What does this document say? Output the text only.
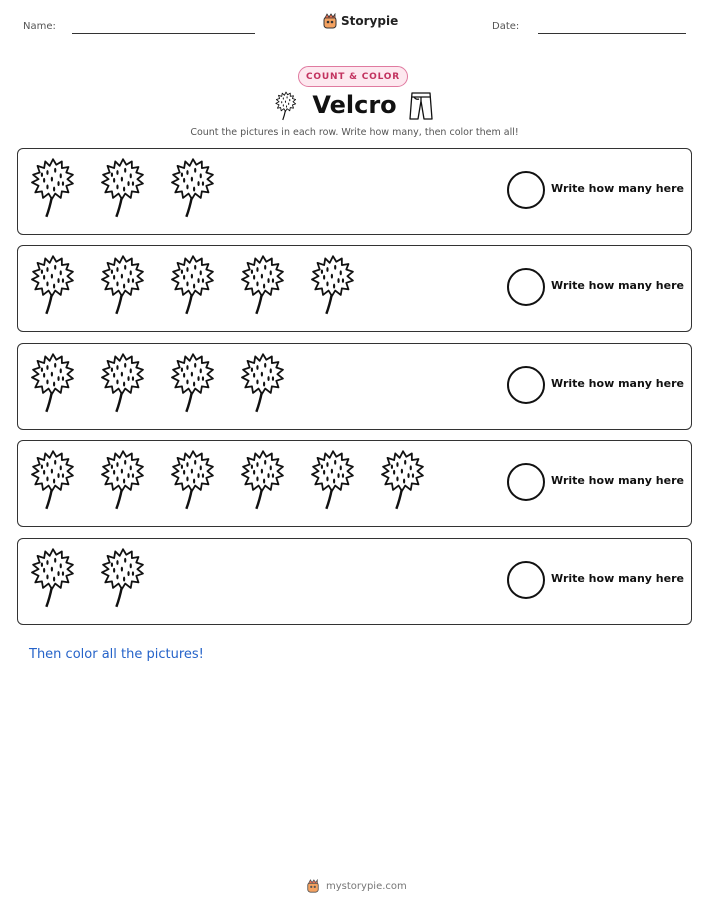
Name:	Storypie	Date:
COUNT & COLOR
Velcro
Count the pictures in each row. Write how many, then color them all!
Write how many here
Write how many here
Write how many here
Write how many here
Write how many here
Then color all the pictures!
mystorypie.com
